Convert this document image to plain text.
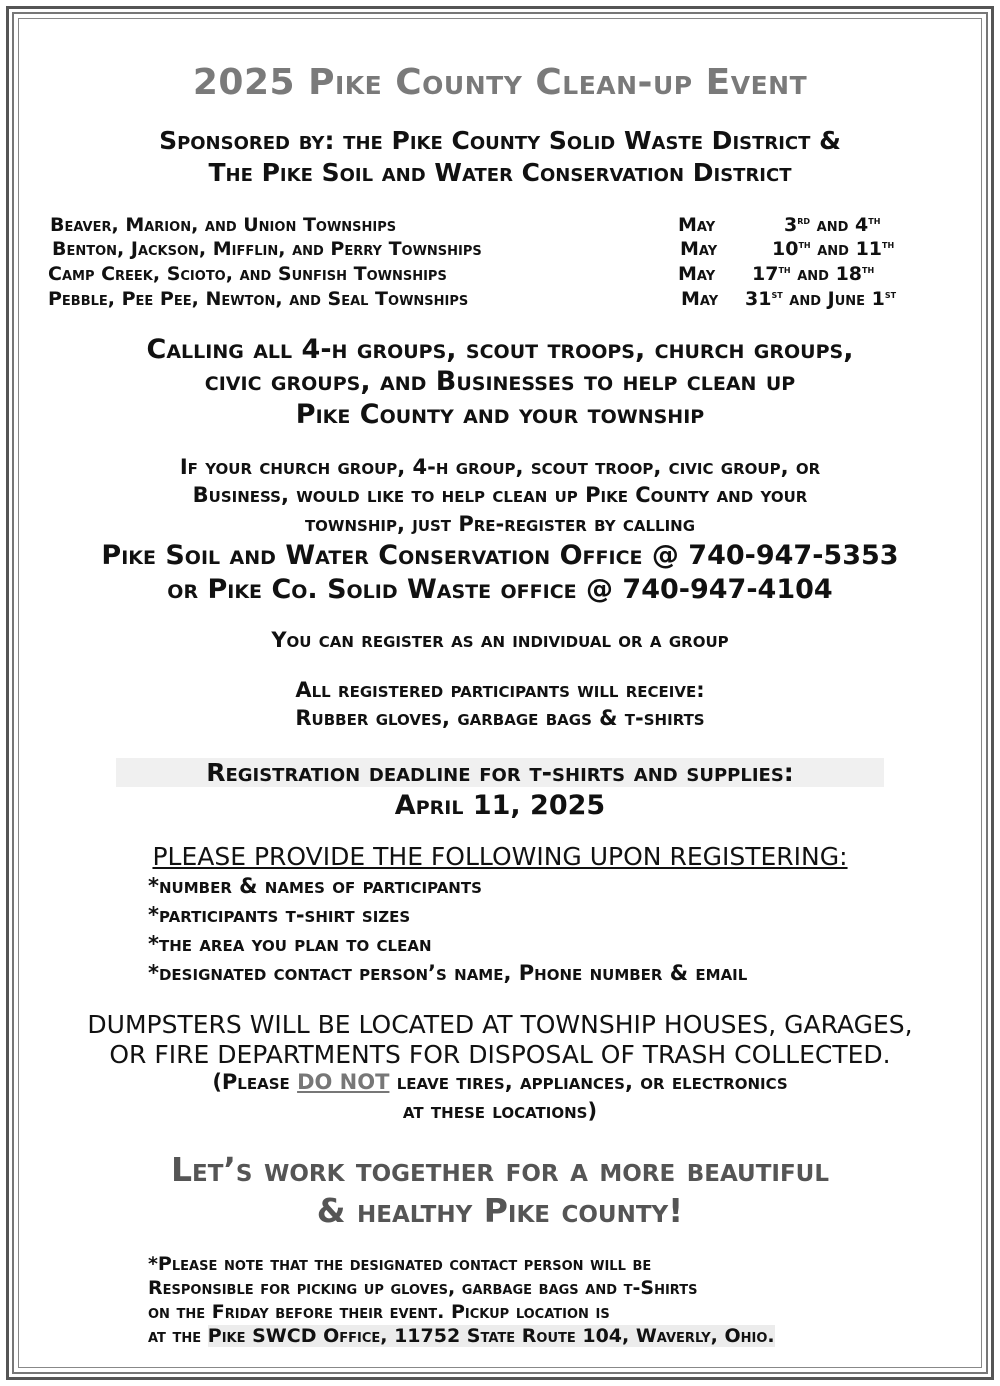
2025 Pike County Clean-up Event
Sponsored by: the Pike County Solid Waste District &
The Pike Soil and Water Conservation District
Beaver, Marion, and Union Townships	May	3rd and 4th
Benton, Jackson, Mifflin, and Perry Townships	May	10th and 11th
Camp Creek, Scioto, and Sunfish Townships	May 17th and 18th
Pebble, Pee Pee, Newton, and Seal Townships	May 31st and June 1st
Calling all 4-h groups, scout troops, church groups,
civic groups, and Businesses to help clean up
Pike County and your township
If your church group, 4-h group, scout troop, civic group, or
Business, would like to help clean up Pike County and your
township, just Pre-register by calling
Pike Soil and Water Conservation Office @ 740-947-5353
or Pike Co. Solid Waste office @ 740-947-4104
You can register as an individual or a group
All registered participants will receive:
Rubber gloves, garbage bags & t-shirts
Registration deadline for t-shirts and supplies:
April 11, 2025
PLEASE PROVIDE THE FOLLOWING UPON REGISTERING:
*number & names of participants
*participants t-shirt sizes
*the area you plan to clean
*designated contact person’s name, Phone number & email
DUMPSTERS WILL BE LOCATED AT TOWNSHIP HOUSES, GARAGES,
OR FIRE DEPARTMENTS FOR DISPOSAL OF TRASH COLLECTED.
(Please DO NOT leave tires, appliances, or electronics
at these locations)
Let’s work together for a more beautiful
& healthy Pike county!
*Please note that the designated contact person will be
Responsible for picking up gloves, garbage bags and t-Shirts
on the Friday before their event. Pickup location is
at the Pike SWCD Office, 11752 State Route 104, Waverly, Ohio.
